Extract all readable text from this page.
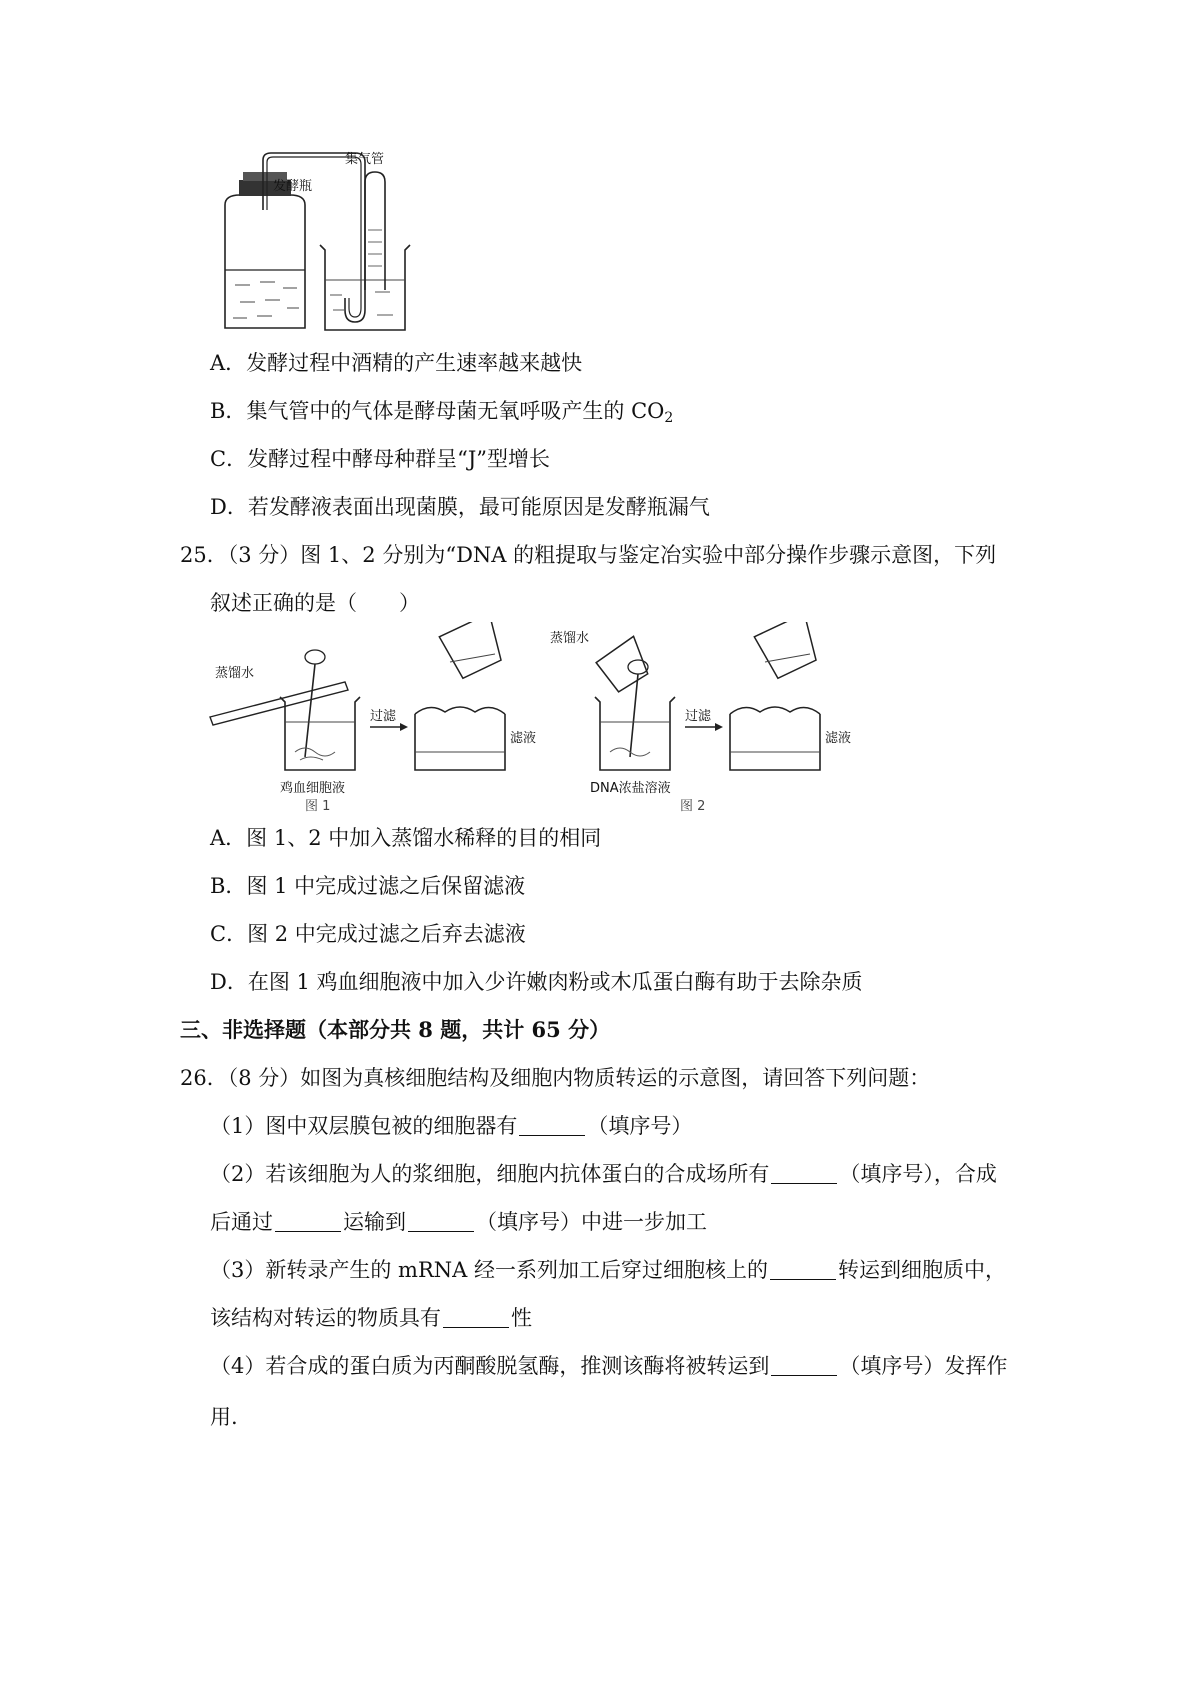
发酵瓶
集气管
A．发酵过程中酒精的产生速率越来越快
B．集气管中的气体是酵母菌无氧呼吸产生的 $CO_2$
C．发酵过程中酵母种群呈“J”型增长
D．若发酵液表面出现菌膜，最可能原因是发酵瓶漏气
25．（3 分）图 1、2 分别为“DNA 的粗提取与鉴定冶实验中部分操作步骤示意图，下列
叙述正确的是（　　）
蒸馏水
过滤
滤液
鸡血细胞液
图 1
蒸馏水
过滤
滤液
DNA浓盐溶液
图 2
A．图 1、2 中加入蒸馏水稀释的目的相同
B．图 1 中完成过滤之后保留滤液
C．图 2 中完成过滤之后弃去滤液
D．在图 1 鸡血细胞液中加入少许嫩肉粉或木瓜蛋白酶有助于去除杂质
三、非选择题（本部分共 8 题，共计 65 分）
26．（8 分）如图为真核细胞结构及细胞内物质转运的示意图，请回答下列问题：
（1）图中双层膜包被的细胞器有	（填序号）
（2）若该细胞为人的浆细胞，细胞内抗体蛋白的合成场所有	（填序号），合成
后通过	运输到	（填序号）中进一步加工
（3）新转录产生的 mRNA 经一系列加工后穿过细胞核上的	转运到细胞质中，
该结构对转运的物质具有	性
（4）若合成的蛋白质为丙酮酸脱氢酶，推测该酶将被转运到	（填序号）发挥作
用.
